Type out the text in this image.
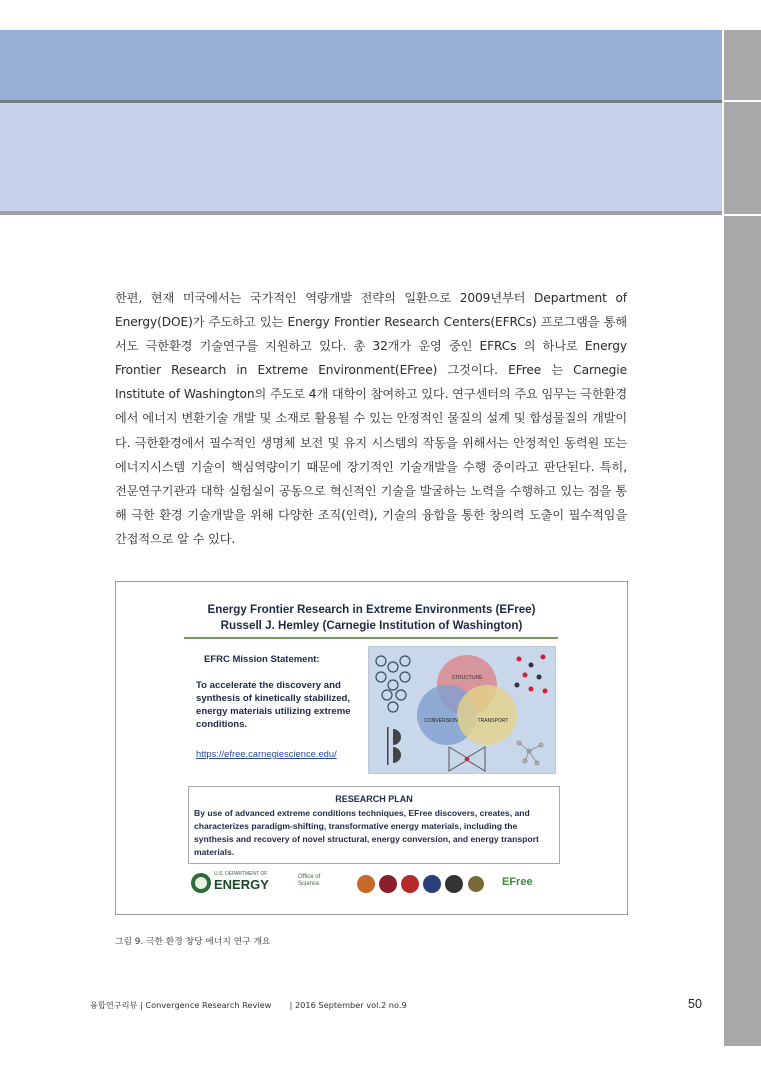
한편, 현재 미국에서는 국가적인 역량개발 전략의 일환으로 2009년부터 Department of Energy(DOE)가 주도하고 있는 Energy Frontier Research Centers(EFRCs) 프로그램을 통해서도 극한환경 기술연구를 지원하고 있다. 총 32개가 운영 중인 EFRCs 의 하나로 Energy Frontier Research in Extreme Environment(EFree) 그것이다. EFree 는 Carnegie Institute of Washington의 주도로 4개 대학이 참여하고 있다. 연구센터의 주요 임무는 극한환경에서 에너지 변환기술 개발 및 소재로 활용될 수 있는 안정적인 물질의 설계 및 합성물질의 개발이다. 극한환경에서 필수적인 생명체 보전 및 유지 시스템의 작동을 위해서는 안정적인 동력원 또는 에너지시스템 기술이 핵심역량이기 때문에 장기적인 기술개발을 수행 중이라고 판단된다. 특히, 전문연구기관과 대학 실험실이 공동으로 혁신적인 기술을 발굴하는 노력을 수행하고 있는 점을 통해 극한 환경 기술개발을 위해 다양한 조직(인력), 기술의 융합을 통한 창의력 도출이 필수적임을 간접적으로 알 수 있다.

Energy Frontier Research in Extreme Environments (EFree)
Russell J. Hemley (Carnegie Institution of Washington)
EFRC Mission Statement:
To accelerate the discovery and synthesis of kinetically stabilized, energy materials utilizing extreme conditions.
https://efree.carnegiescience.edu/
STRUCTURE
CONVERSION	TRANSPORT
RESEARCH PLAN
By use of advanced extreme conditions techniques, EFree discovers, creates, and characterizes paradigm-shifting, transformative energy materials, including the synthesis and recovery of novel structural, energy conversion, and energy transport materials.
U.S. DEPARTMENT OF
ENERGY	Office of
Science	EFree
그림 9. 극한 환경 창당 에너지 연구 개요
융합연구리뷰 | Convergence Research Review | 2016 September vol.2 no.9	50
